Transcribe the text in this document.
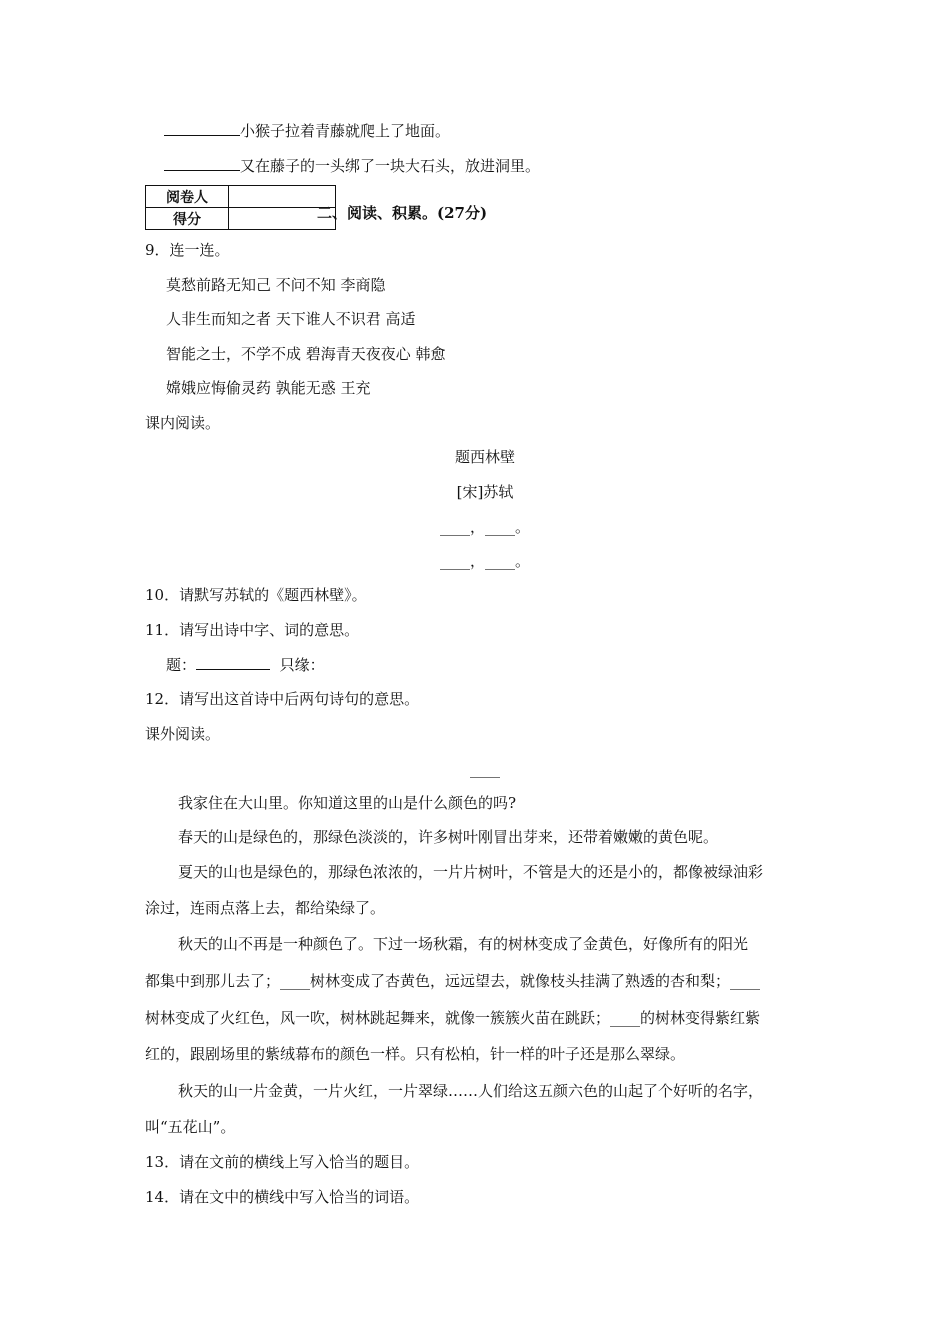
小猴子拉着青藤就爬上了地面。
又在藤子的一头绑了一块大石头，放进洞里。
阅卷人	
得分		二、阅读、积累。(27分)
9．连一连。
莫愁前路无知己 不问不知 李商隐
人非生而知之者 天下谁人不识君 高适
智能之士，不学不成 碧海青天夜夜心 韩愈
嫦娥应悔偷灵药 孰能无惑 王充
课内阅读。
题西林壁
[宋]苏轼
____，____。
____，____。
10．请默写苏轼的《题西林壁》。
11．请写出诗中字、词的意思。
题：	只缘：
12．请写出这首诗中后两句诗句的意思。
课外阅读。
____
我家住在大山里。你知道这里的山是什么颜色的吗?
春天的山是绿色的，那绿色淡淡的，许多树叶刚冒出芽来，还带着嫩嫩的黄色呢。
夏天的山也是绿色的，那绿色浓浓的，一片片树叶，不管是大的还是小的，都像被绿油彩
涂过，连雨点落上去，都给染绿了。
秋天的山不再是一种颜色了。下过一场秋霜，有的树林变成了金黄色，好像所有的阳光
都集中到那儿去了；____树林变成了杏黄色，远远望去，就像枝头挂满了熟透的杏和梨；____
树林变成了火红色，风一吹，树林跳起舞来，就像一簇簇火苗在跳跃；____的树林变得紫红紫
红的，跟剧场里的紫绒幕布的颜色一样。只有松柏，针一样的叶子还是那么翠绿。
秋天的山一片金黄，一片火红，一片翠绿……人们给这五颜六色的山起了个好听的名字，
叫“五花山”。
13．请在文前的横线上写入恰当的题目。
14．请在文中的横线中写入恰当的词语。
